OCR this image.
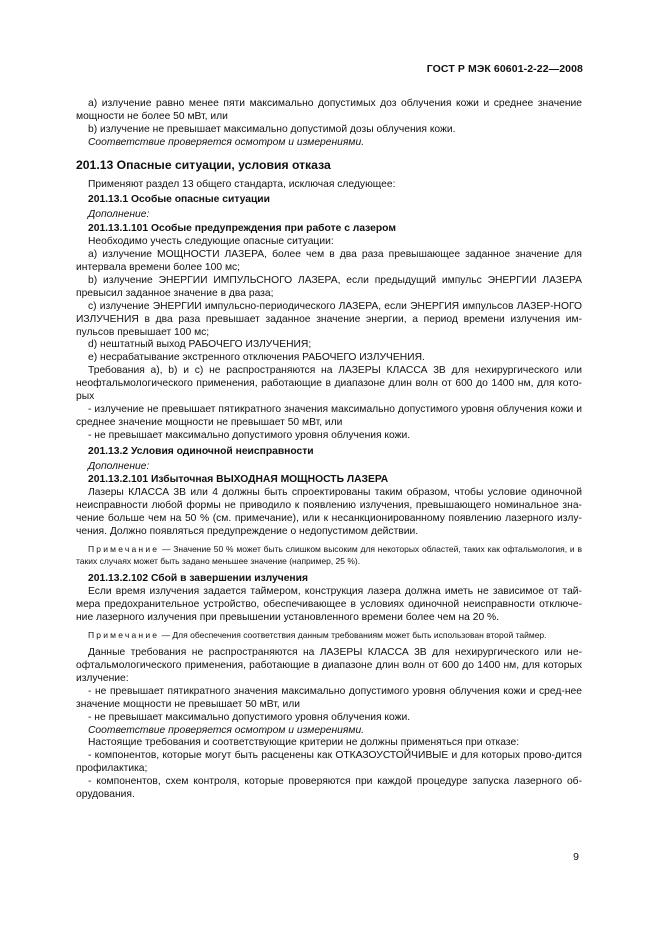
ГОСТ Р МЭК 60601-2-22—2008

а) излучение равно менее пяти максимально допустимых доз облучения кожи и среднее значение мощности не более 50 мВт, или

b) излучение не превышает максимально допустимой дозы облучения кожи.

Соответствие проверяется осмотром и измерениями.

201.13 Опасные ситуации, условия отказа

Применяют раздел 13 общего стандарта, исключая следующее:

201.13.1 Особые опасные ситуации

Дополнение:

201.13.1.101 Особые предупреждения при работе с лазером

Необходимо учесть следующие опасные ситуации:

а) излучение МОЩНОСТИ ЛАЗЕРА, более чем в два раза превышающее заданное значение для интервала времени более 100 мс;

b) излучение ЭНЕРГИИ ИМПУЛЬСНОГО ЛАЗЕРА, если предыдущий импульс ЭНЕРГИИ ЛАЗЕРА превысил заданное значение в два раза;

с) излучение ЭНЕРГИИ импульсно-периодического ЛАЗЕРА, если ЭНЕРГИЯ импульсов ЛАЗЕР-НОГО ИЗЛУЧЕНИЯ в два раза превышает заданное значение энергии, а период времени излучения им-пульсов превышает 100 мс;

d) нештатный выход РАБОЧЕГО ИЗЛУЧЕНИЯ;

е) несрабатывание экстренного отключения РАБОЧЕГО ИЗЛУЧЕНИЯ.

Требования а), b) и с) не распространяются на ЛАЗЕРЫ КЛАССА 3В для нехирургического или неофтальмологического применения, работающие в диапазоне длин волн от 600 до 1400 нм, для кото-рых

- излучение не превышает пятикратного значения максимально допустимого уровня облучения кожи и среднее значение мощности не превышает 50 мВт, или

- не превышает максимально допустимого уровня облучения кожи.

201.13.2 Условия одиночной неисправности

Дополнение:

201.13.2.101 Избыточная ВЫХОДНАЯ МОЩНОСТЬ ЛАЗЕРА

Лазеры КЛАССА 3В или 4 должны быть спроектированы таким образом, чтобы условие одиночной неисправности любой формы не приводило к появлению излучения, превышающего номинальное зна-чение больше чем на 50 % (см. примечание), или к несанкционированному появлению лазерного излу-чения. Должно появляться предупреждение о недопустимом действии.

Примечание — Значение 50 % может быть слишком высоким для некоторых областей, таких как офтальмология, и в таких случаях может быть задано меньшее значение (например, 25 %).

201.13.2.102 Сбой в завершении излучения

Если время излучения задается таймером, конструкция лазера должна иметь не зависимое от тай-мера предохранительное устройство, обеспечивающее в условиях одиночной неисправности отключе-ние лазерного излучения при превышении установленного времени более чем на 20 %.

Примечание — Для обеспечения соответствия данным требованиям может быть использован второй таймер.

Данные требования не распространяются на ЛАЗЕРЫ КЛАССА 3В для нехирургического или не-офтальмологического применения, работающие в диапазоне длин волн от 600 до 1400 нм, для которых излучение:

- не превышает пятикратного значения максимально допустимого уровня облучения кожи и сред-нее значение мощности не превышает 50 мВт, или

- не превышает максимально допустимого уровня облучения кожи.

Соответствие проверяется осмотром и измерениями.

Настоящие требования и соответствующие критерии не должны применяться при отказе:

- компонентов, которые могут быть расценены как ОТКАЗОУСТОЙЧИВЫЕ и для которых прово-дится профилактика;

- компонентов, схем контроля, которые проверяются при каждой процедуре запуска лазерного об-орудования.

9
